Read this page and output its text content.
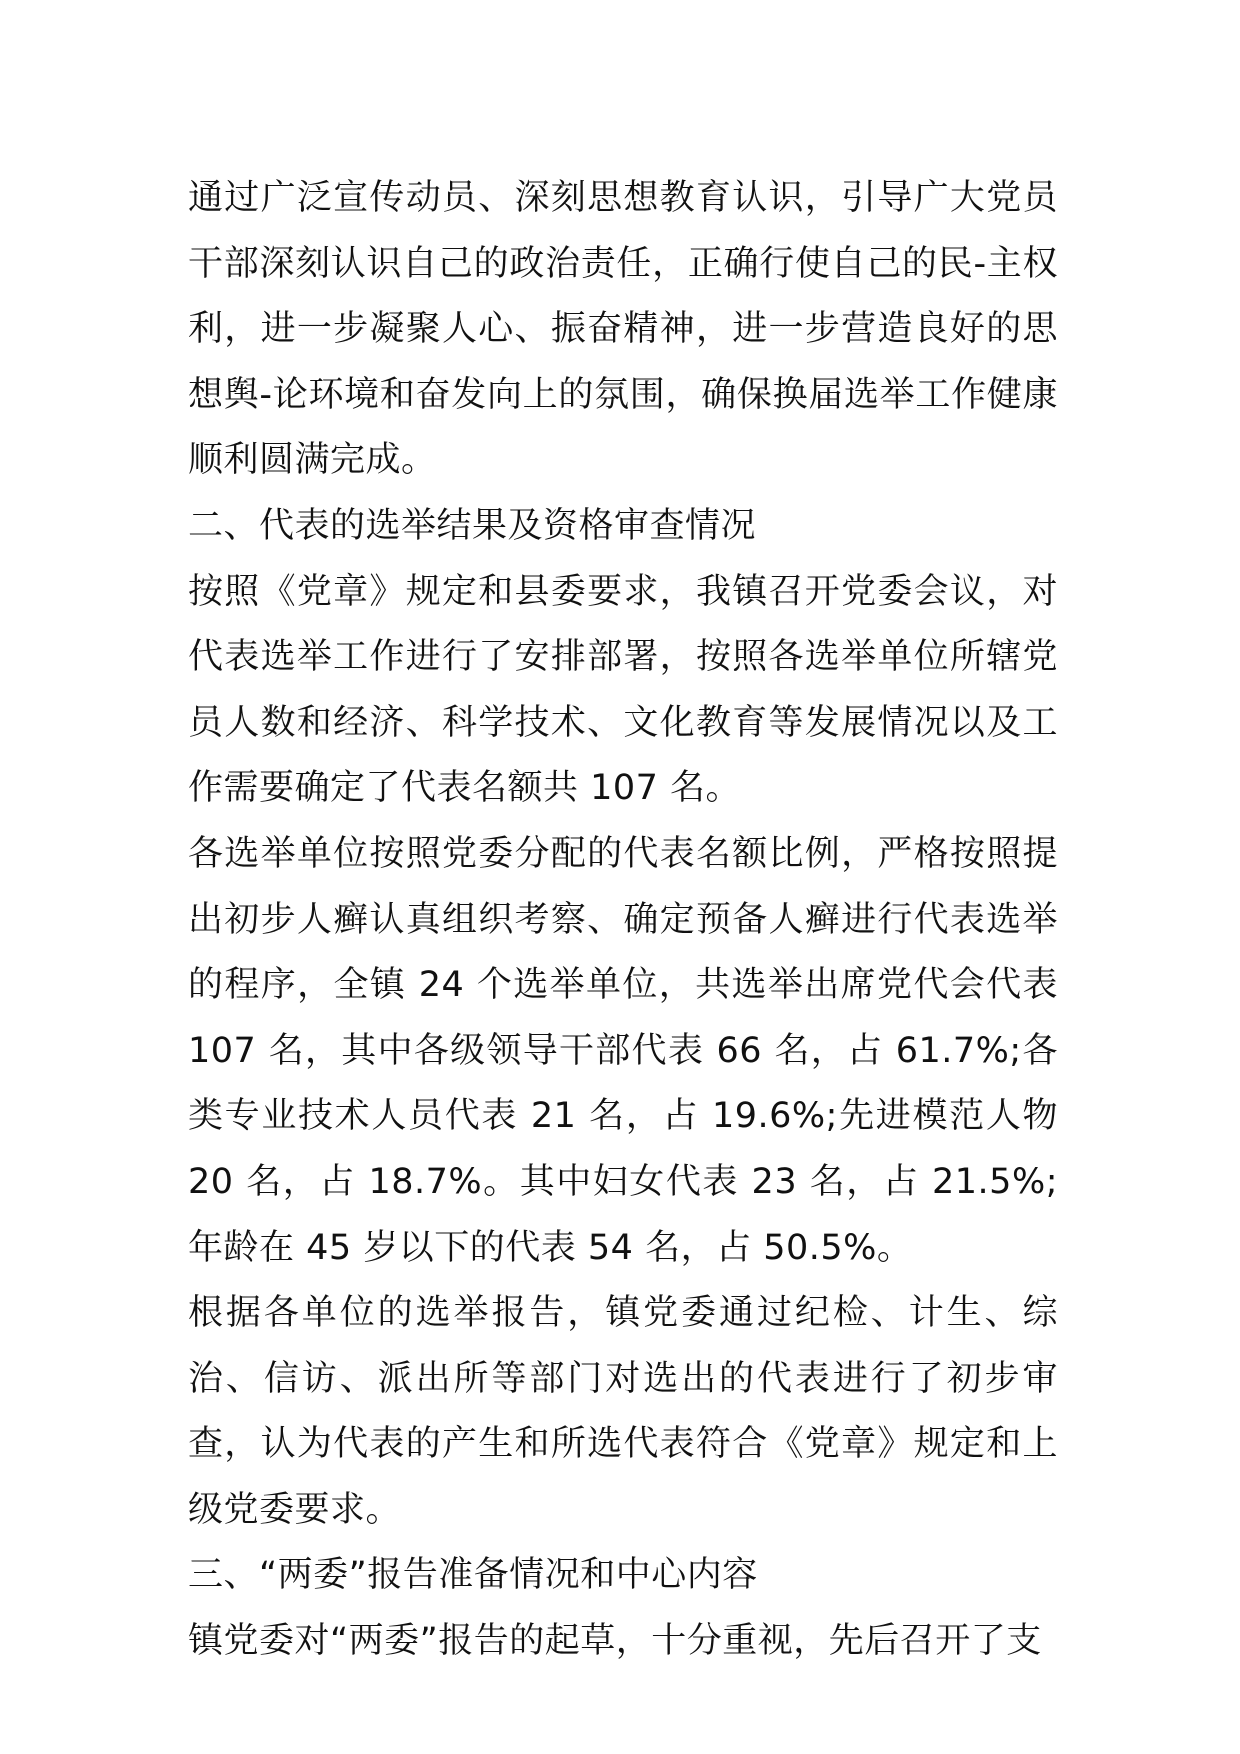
通过广泛宣传动员、深刻思想教育认识，引导广大党员干部深刻认识自己的政治责任，正确行使自己的民-主权利，进一步凝聚人心、振奋精神，进一步营造良好的思想舆-论环境和奋发向上的氛围，确保换届选举工作健康顺利圆满完成。

二、代表的选举结果及资格审查情况

按照《党章》规定和县委要求，我镇召开党委会议，对代表选举工作进行了安排部署，按照各选举单位所辖党员人数和经济、科学技术、文化教育等发展情况以及工作需要确定了代表名额共 107 名。

各选举单位按照党委分配的代表名额比例，严格按照提出初步人癣认真组织考察、确定预备人癣进行代表选举的程序，全镇 24 个选举单位，共选举出席党代会代表 107 名，其中各级领导干部代表 66 名，占 61.7%;各类专业技术人员代表 21 名，占 19.6%;先进模范人物 20 名，占 18.7%。其中妇女代表 23 名，占 21.5%;年龄在 45 岁以下的代表 54 名，占 50.5%。

根据各单位的选举报告，镇党委通过纪检、计生、综治、信访、派出所等部门对选出的代表进行了初步审查，认为代表的产生和所选代表符合《党章》规定和上级党委要求。

三、“两委”报告准备情况和中心内容

镇党委对“两委”报告的起草，十分重视，先后召开了支
